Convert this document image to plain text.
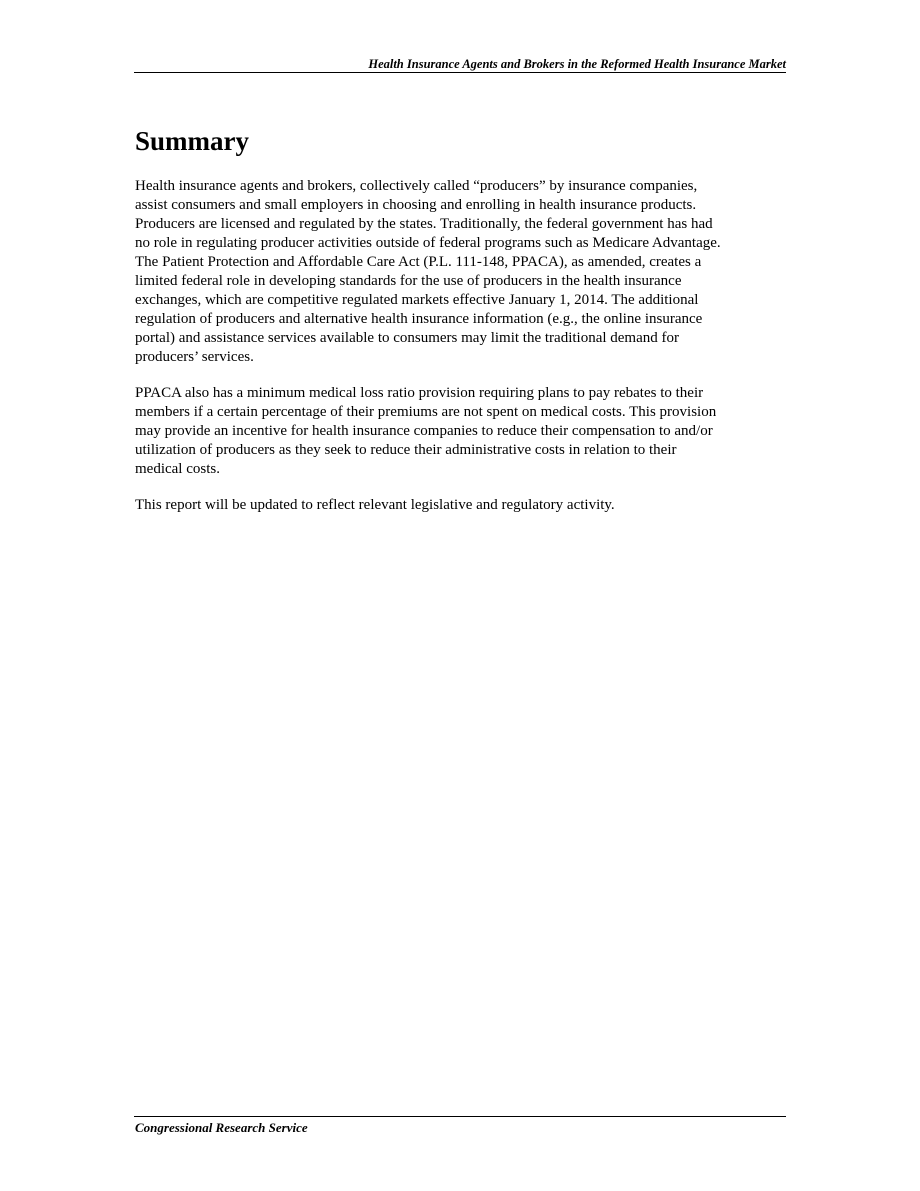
Health Insurance Agents and Brokers in the Reformed Health Insurance Market
Summary

Health insurance agents and brokers, collectively called “producers” by insurance companies,
assist consumers and small employers in choosing and enrolling in health insurance products.
Producers are licensed and regulated by the states. Traditionally, the federal government has had
no role in regulating producer activities outside of federal programs such as Medicare Advantage.
The Patient Protection and Affordable Care Act (P.L. 111-148, PPACA), as amended, creates a
limited federal role in developing standards for the use of producers in the health insurance
exchanges, which are competitive regulated markets effective January 1, 2014. The additional
regulation of producers and alternative health insurance information (e.g., the online insurance
portal) and assistance services available to consumers may limit the traditional demand for
producers’ services.

PPACA also has a minimum medical loss ratio provision requiring plans to pay rebates to their
members if a certain percentage of their premiums are not spent on medical costs. This provision
may provide an incentive for health insurance companies to reduce their compensation to and/or
utilization of producers as they seek to reduce their administrative costs in relation to their
medical costs.

This report will be updated to reflect relevant legislative and regulatory activity.

Congressional Research Service
